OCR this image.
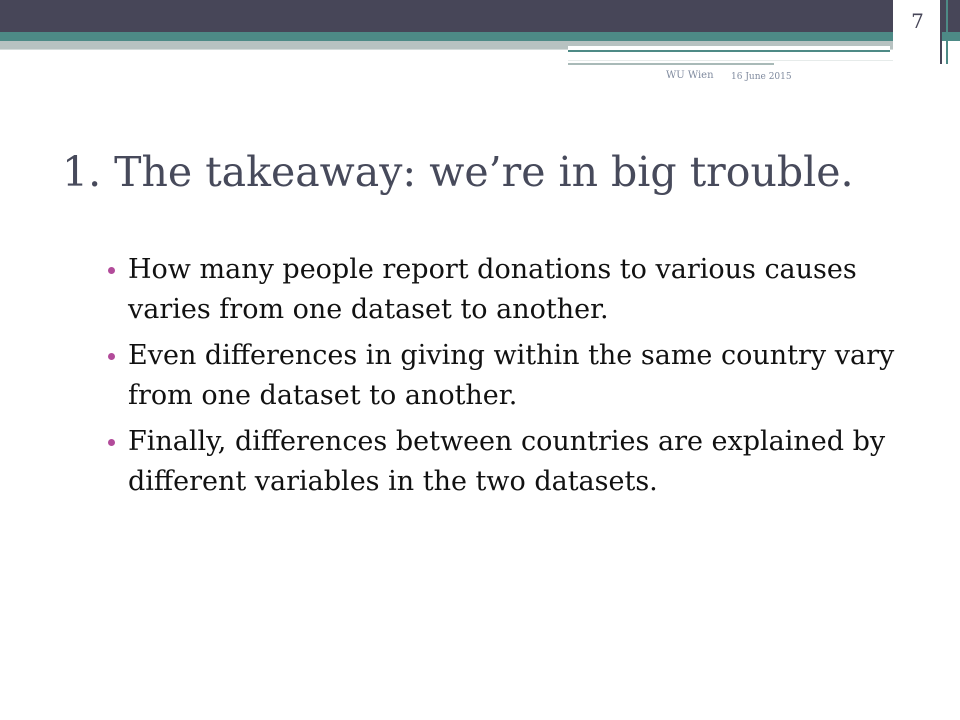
7
WU Wien 16 June 2015
1. The takeaway: we’re in big trouble.
How many people report donations to various causes varies from one dataset to another.
Even differences in giving within the same country vary from one dataset to another.
Finally, differences between countries are explained by different variables in the two datasets.
